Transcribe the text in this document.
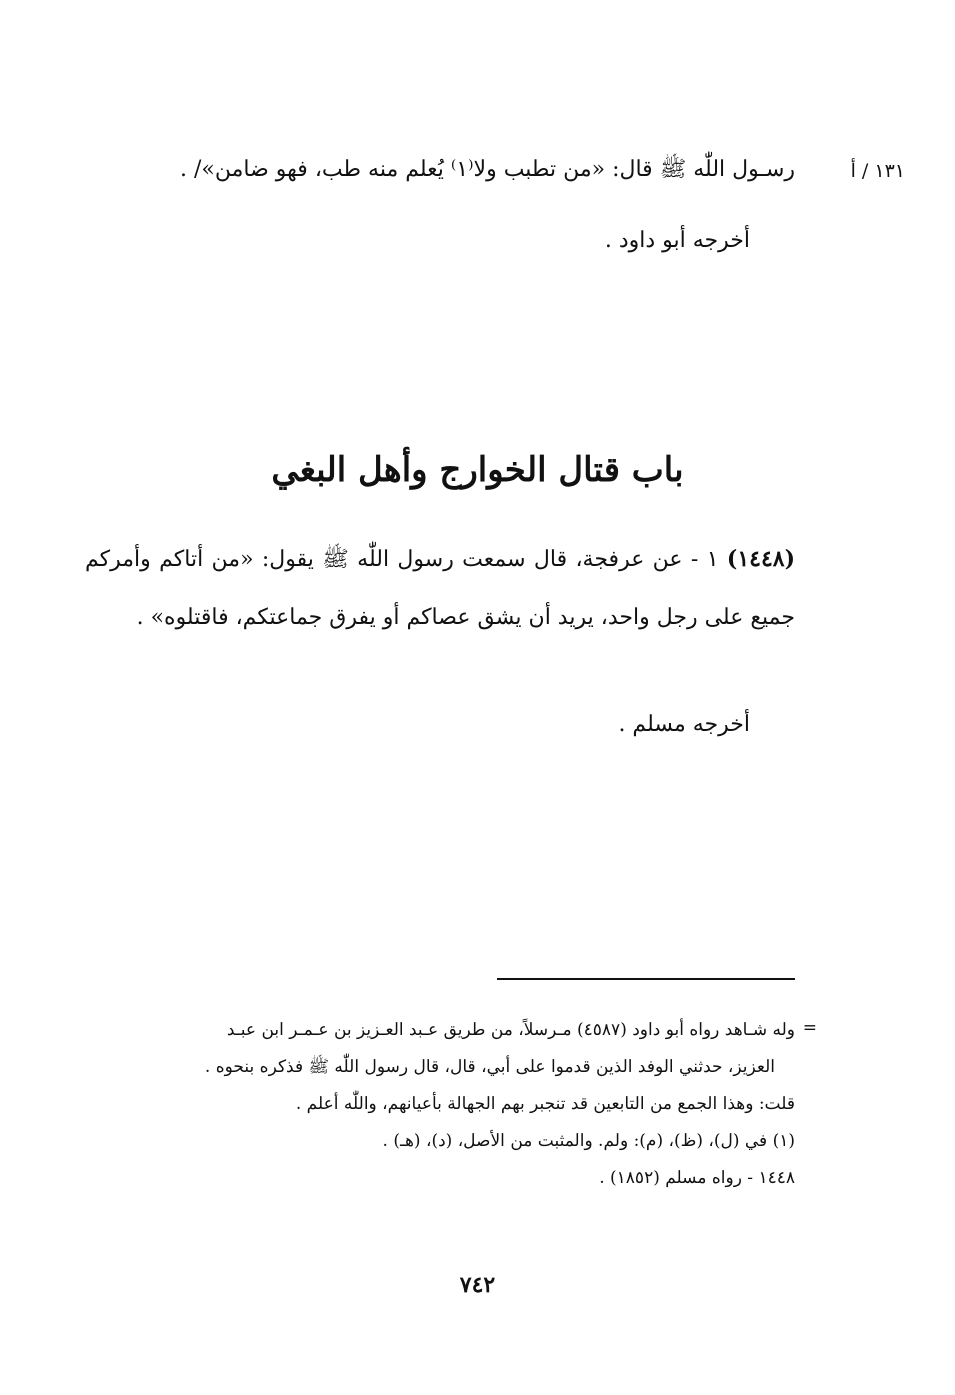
١٣١ / أ
رسـول اللّٰه ﷺ قال: «من تطبب ولا⁽١⁾ يُعلم منه طب، فهو ضامن»/ .
أخرجه أبو داود .
باب قتال الخوارج وأهل البغي
(١٤٤٨) ١ - عن عرفجة، قال سمعت رسول اللّٰه ﷺ يقول: «من أتاكم وأمركم جميع على رجل واحد، يريد أن يشق عصاكم أو يفرق جماعتكم، فاقتلوه» .
أخرجه مسلم .
=
وله شـاهد رواه أبو داود (٤٥٨٧) مـرسلاً، من طريق عـبد العـزيز بن عـمـر ابن عبـد
العزيز، حدثني الوفد الذين قدموا على أبي، قال، قال رسول اللّٰه ﷺ فذكره بنحوه .
قلت: وهذا الجمع من التابعين قد تنجبر بهم الجهالة بأعيانهم، واللّٰه أعلم .
(١) في (ل)، (ظ)، (م): ولم. والمثبت من الأصل، (د)، (هـ) .
١٤٤٨ - رواه مسلم (١٨٥٢) .
٧٤٢
